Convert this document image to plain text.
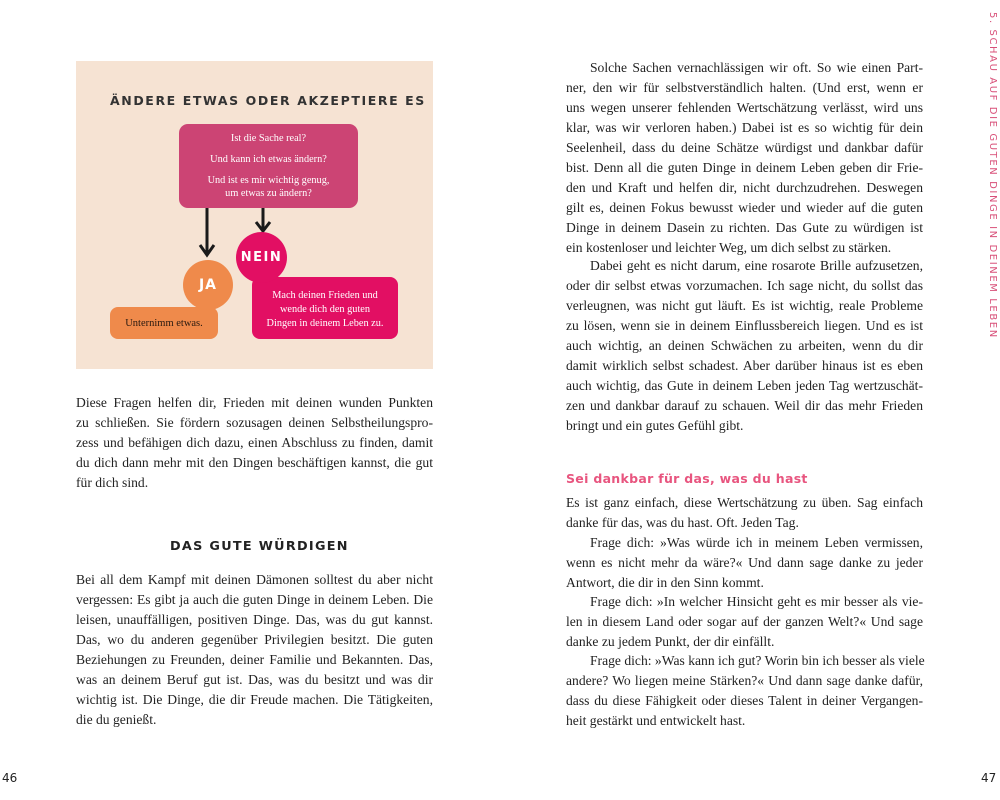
5. SCHAU AUF DIE GUTEN DINGE IN DEINEM LEBEN
ÄNDERE ETWAS ODER AKZEPTIERE ES
Ist die Sache real?
Und kann ich etwas ändern?
Und ist es mir wichtig genug,
um etwas zu ändern?
Unternimm etwas.
Mach deinen Frieden und
wende dich den guten
Dingen in deinem Leben zu.
JA
NEIN
Diese Fragen helfen dir, Frieden mit deinen wunden Punkten
zu schließen. Sie fördern sozusagen deinen Selbstheilungspro-
zess und befähigen dich dazu, einen Abschluss zu finden, damit
du dich dann mehr mit den Dingen beschäftigen kannst, die gut
für dich sind.
DAS GUTE WÜRDIGEN
Bei all dem Kampf mit deinen Dämonen solltest du aber nicht
vergessen: Es gibt ja auch die guten Dinge in deinem Leben. Die
leisen, unauffälligen, positiven Dinge. Das, was du gut kannst.
Das, wo du anderen gegenüber Privilegien besitzt. Die guten
Beziehungen zu Freunden, deiner Familie und Bekannten. Das,
was an deinem Beruf gut ist. Das, was du besitzt und was dir
wichtig ist. Die Dinge, die dir Freude machen. Die Tätigkeiten,
die du genießt.
Solche Sachen vernachlässigen wir oft. So wie einen Part-
ner, den wir für selbstverständlich halten. (Und erst, wenn er
uns wegen unserer fehlenden Wertschätzung verlässt, wird uns
klar, was wir verloren haben.) Dabei ist es so wichtig für dein
Seelenheil, dass du deine Schätze würdigst und dankbar dafür
bist. Denn all die guten Dinge in deinem Leben geben dir Frie-
den und Kraft und helfen dir, nicht durchzudrehen. Deswegen
gilt es, deinen Fokus bewusst wieder und wieder auf die guten
Dinge in deinem Dasein zu richten. Das Gute zu würdigen ist
ein kostenloser und leichter Weg, um dich selbst zu stärken.
Dabei geht es nicht darum, eine rosarote Brille aufzusetzen,
oder dir selbst etwas vorzumachen. Ich sage nicht, du sollst das
verleugnen, was nicht gut läuft. Es ist wichtig, reale Probleme
zu lösen, wenn sie in deinem Einflussbereich liegen. Und es ist
auch wichtig, an deinen Schwächen zu arbeiten, wenn du dir
damit wirklich selbst schadest. Aber darüber hinaus ist es eben
auch wichtig, das Gute in deinem Leben jeden Tag wertzuschät-
zen und dankbar darauf zu schauen. Weil dir das mehr Frieden
bringt und ein gutes Gefühl gibt.
Sei dankbar für das, was du hast
Es ist ganz einfach, diese Wertschätzung zu üben. Sag einfach
danke für das, was du hast. Oft. Jeden Tag.
Frage dich: »Was würde ich in meinem Leben vermissen,
wenn es nicht mehr da wäre?« Und dann sage danke zu jeder
Antwort, die dir in den Sinn kommt.
Frage dich: »In welcher Hinsicht geht es mir besser als vie-
len in diesem Land oder sogar auf der ganzen Welt?« Und sage
danke zu jedem Punkt, der dir einfällt.
Frage dich: »Was kann ich gut? Worin bin ich besser als viele
andere? Wo liegen meine Stärken?« Und dann sage danke dafür,
dass du diese Fähigkeit oder dieses Talent in deiner Vergangen-
heit gestärkt und entwickelt hast.
46	47
